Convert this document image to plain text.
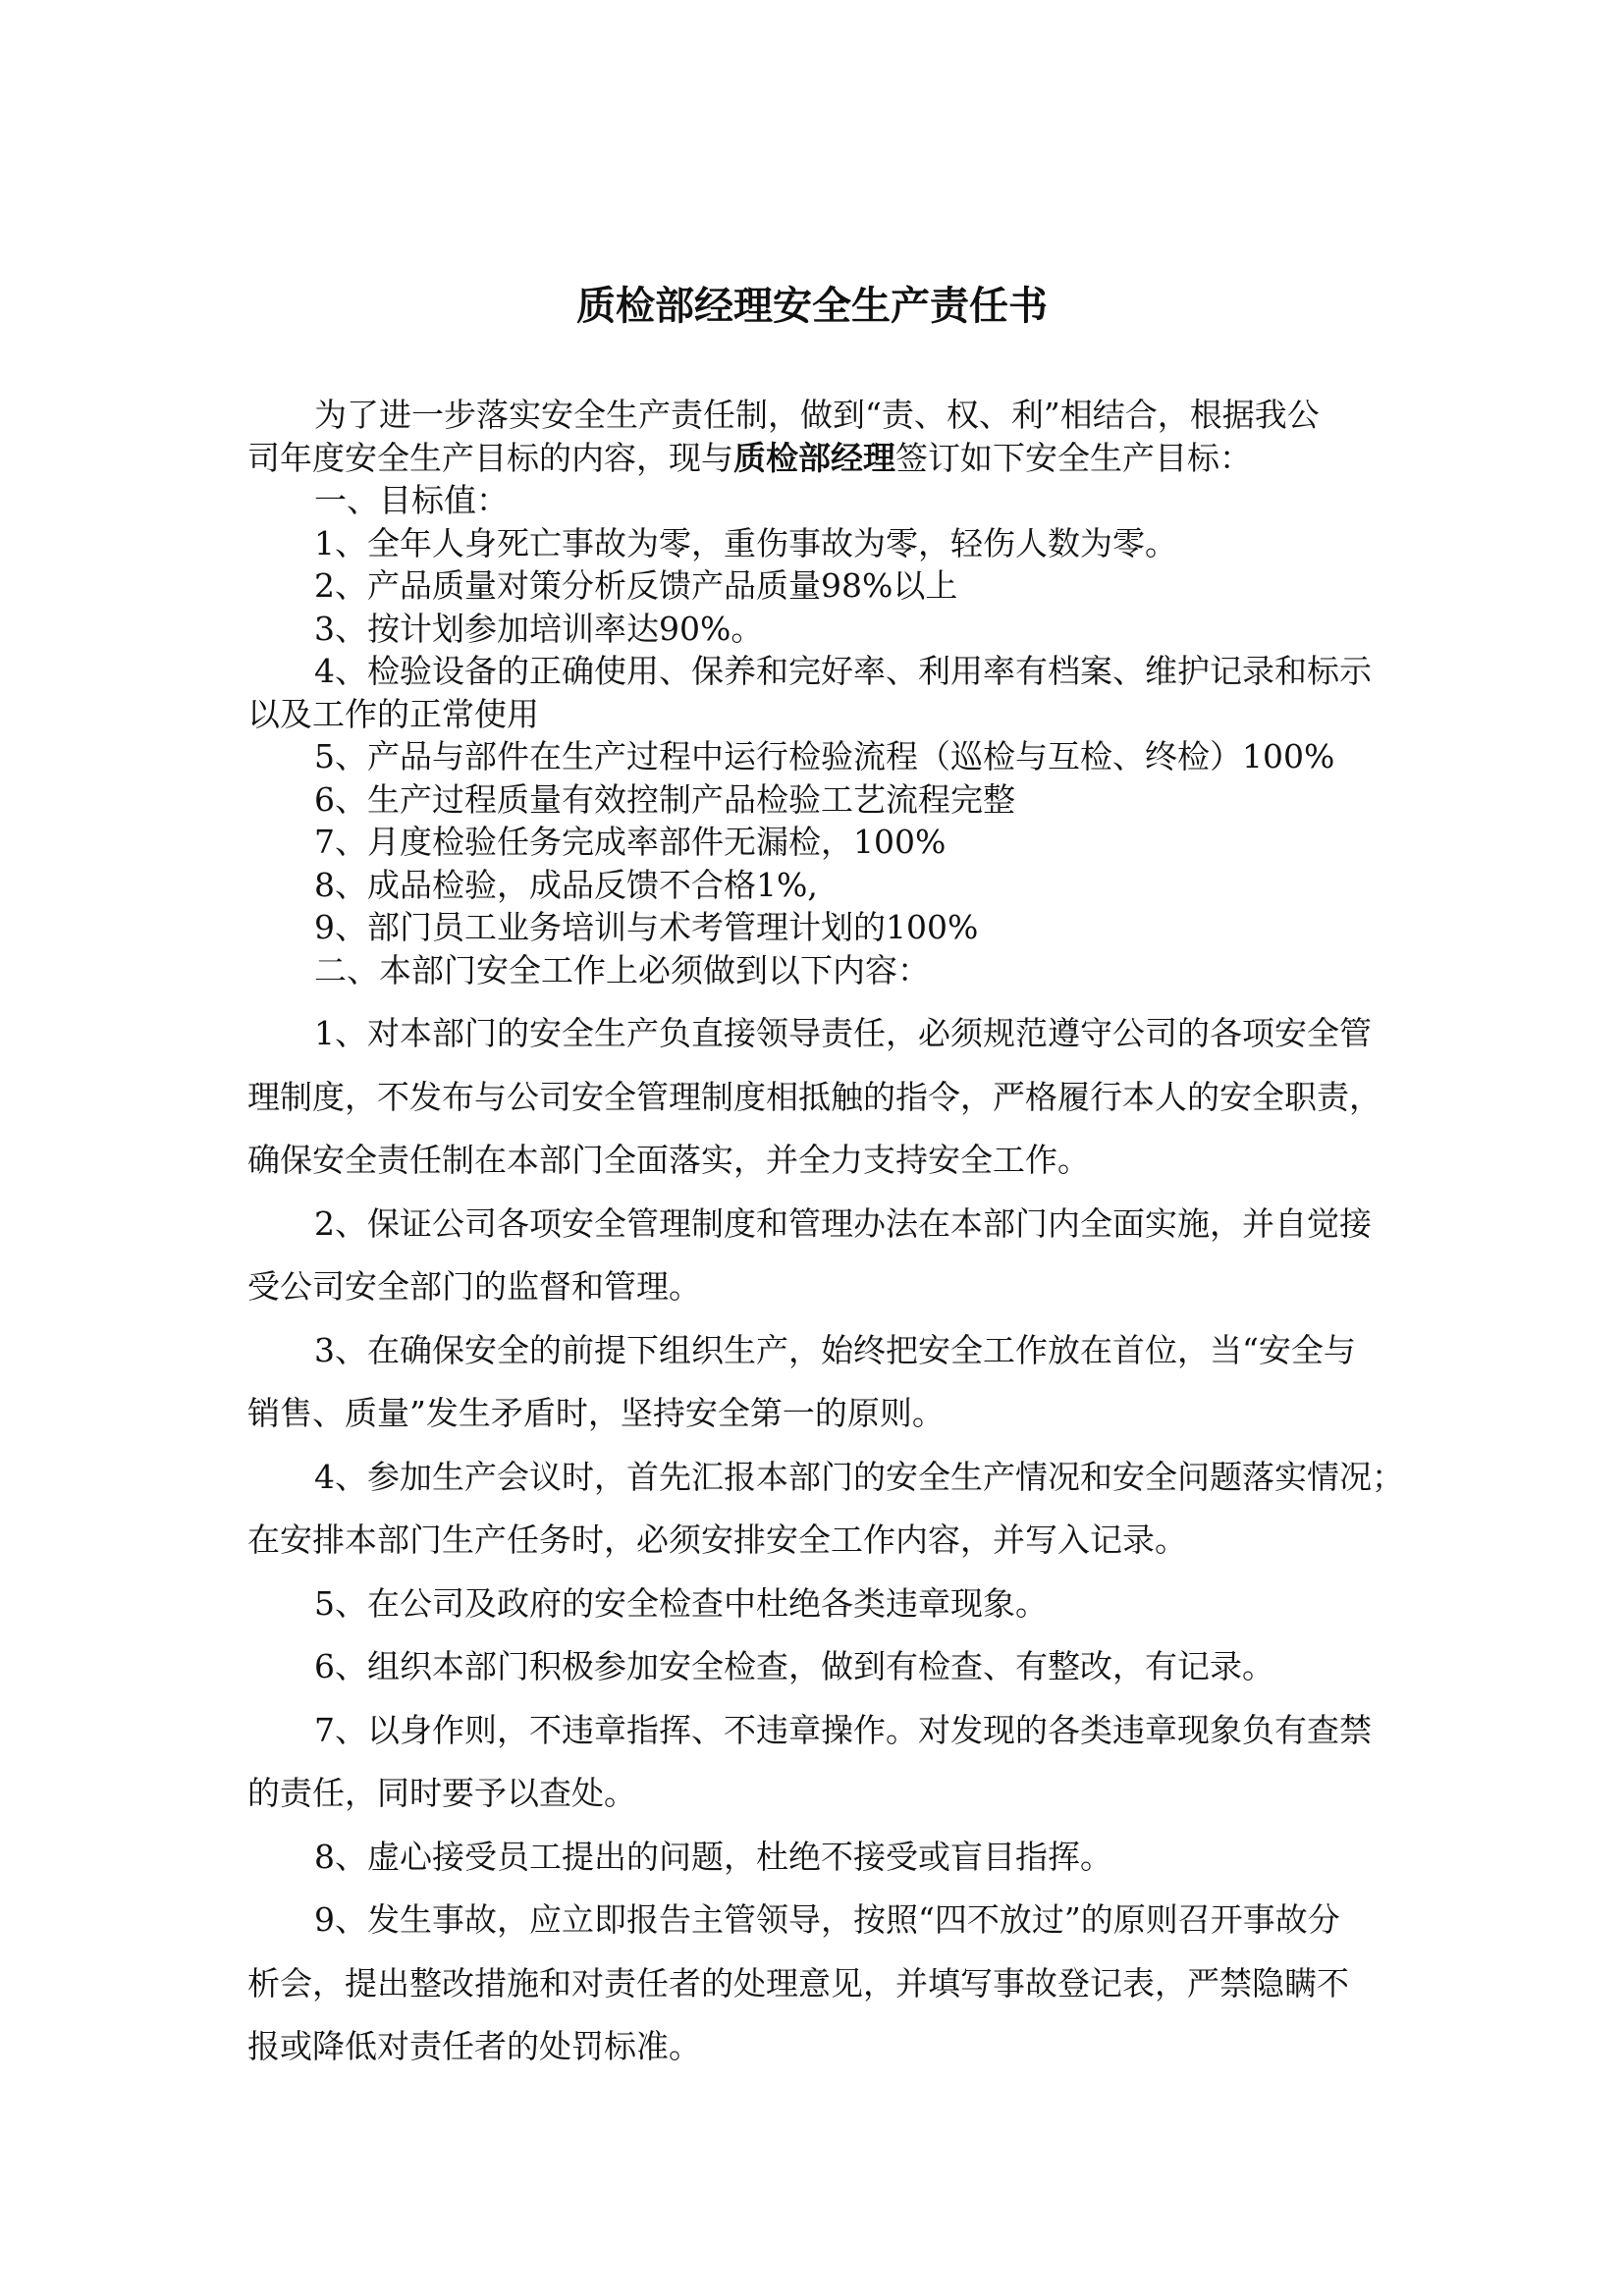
质检部经理安全生产责任书
为了进一步落实安全生产责任制，做到“责、权、利”相结合，根据我公
司年度安全生产目标的内容，现与质检部经理签订如下安全生产目标：
一、目标值：
1、全年人身死亡事故为零，重伤事故为零，轻伤人数为零。
2、产品质量对策分析反馈产品质量98%以上
3、按计划参加培训率达90%。
4、检验设备的正确使用、保养和完好率、利用率有档案、维护记录和标示
以及工作的正常使用
5、产品与部件在生产过程中运行检验流程（巡检与互检、终检）100%
6、生产过程质量有效控制产品检验工艺流程完整
7、月度检验任务完成率部件无漏检，100%
8、成品检验，成品反馈不合格1%,
9、部门员工业务培训与术考管理计划的100%
二、本部门安全工作上必须做到以下内容：
1、对本部门的安全生产负直接领导责任，必须规范遵守公司的各项安全管
理制度，不发布与公司安全管理制度相抵触的指令，严格履行本人的安全职责，
确保安全责任制在本部门全面落实，并全力支持安全工作。
2、保证公司各项安全管理制度和管理办法在本部门内全面实施，并自觉接
受公司安全部门的监督和管理。
3、在确保安全的前提下组织生产，始终把安全工作放在首位，当“安全与
销售、质量”发生矛盾时，坚持安全第一的原则。
4、参加生产会议时，首先汇报本部门的安全生产情况和安全问题落实情况；
在安排本部门生产任务时，必须安排安全工作内容，并写入记录。
5、在公司及政府的安全检查中杜绝各类违章现象。
6、组织本部门积极参加安全检查，做到有检查、有整改，有记录。
7、以身作则，不违章指挥、不违章操作。对发现的各类违章现象负有查禁
的责任，同时要予以查处。
8、虚心接受员工提出的问题，杜绝不接受或盲目指挥。
9、发生事故，应立即报告主管领导，按照“四不放过”的原则召开事故分
析会，提出整改措施和对责任者的处理意见，并填写事故登记表，严禁隐瞒不
报或降低对责任者的处罚标准。
